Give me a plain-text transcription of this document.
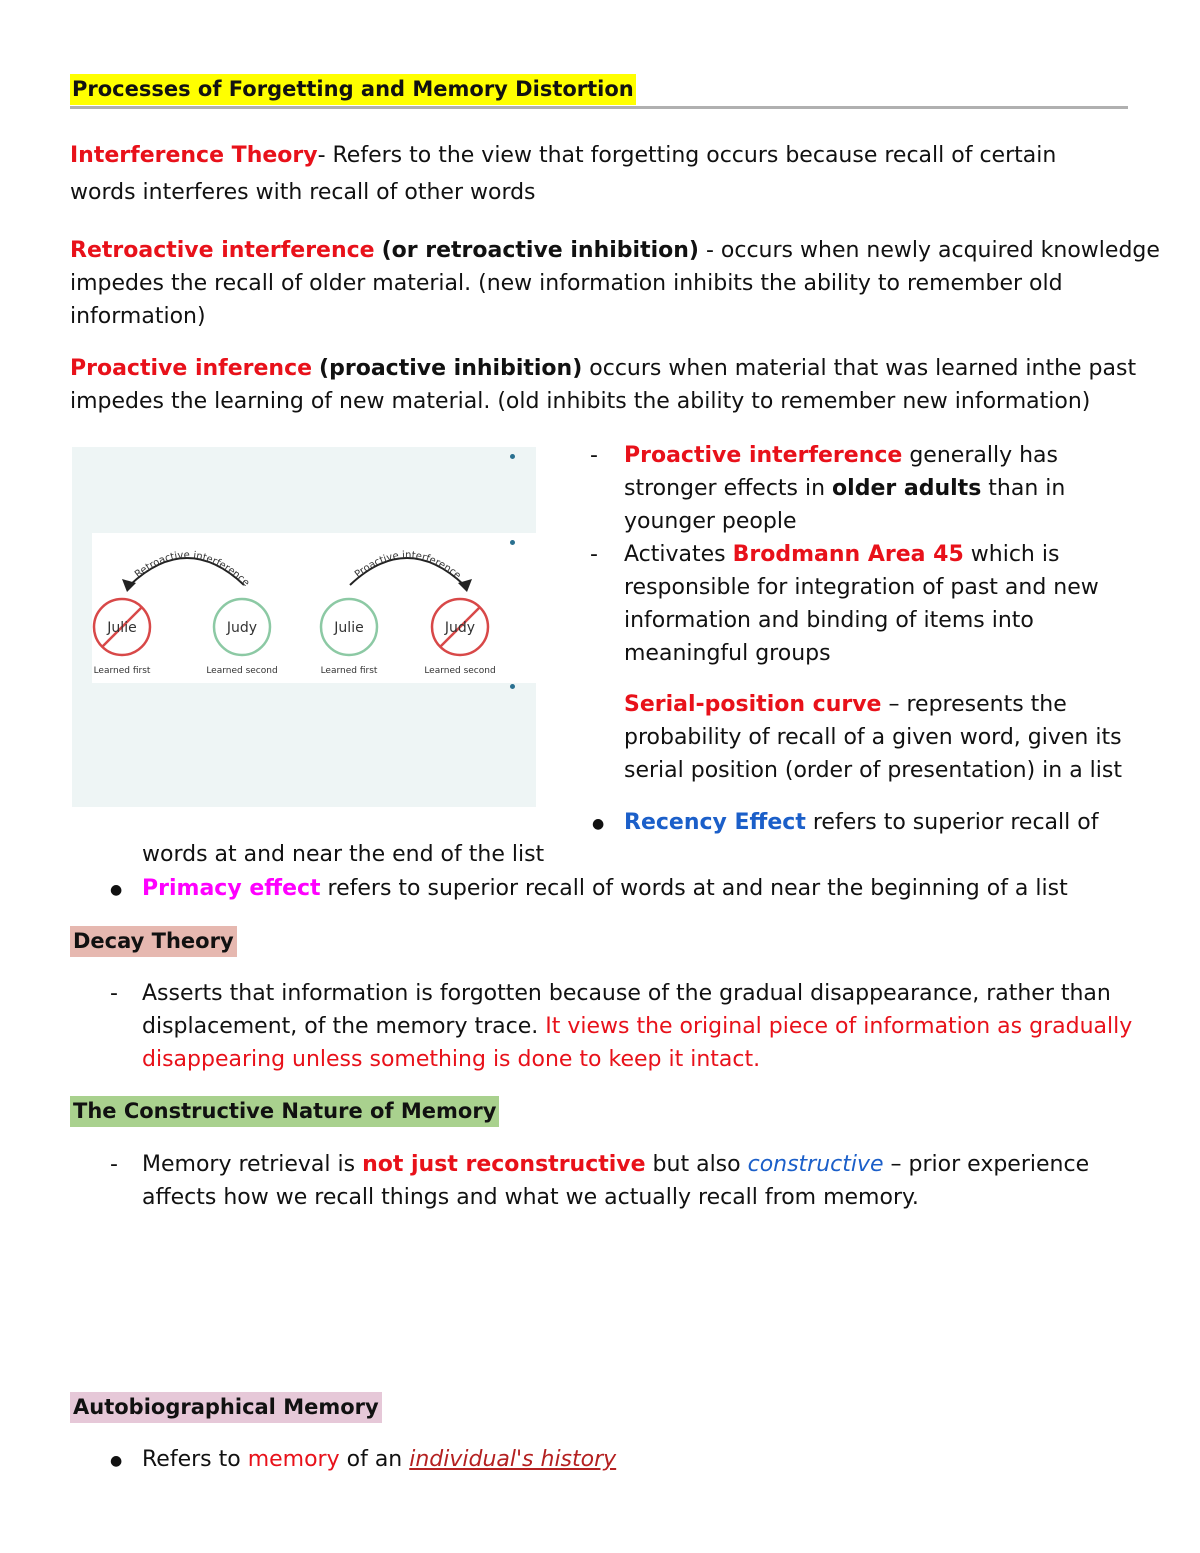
Processes of Forgetting and Memory Distortion
Interference Theory- Refers to the view that forgetting occurs because recall of certain
words interferes with recall of other words
Retroactive interference (or retroactive inhibition) - occurs when newly acquired knowledge
impedes the recall of older material. (new information inhibits the ability to remember old
information)
Proactive inference (proactive inhibition) occurs when material that was learned inthe past
impedes the learning of new material. (old inhibits the ability to remember new information)
Retroactive interference
Proactive interference
Julie	Judy	Julie	Judy
Learned first	Learned second	Learned first	Learned second
- Proactive interference generally has
stronger effects in older adults than in
younger people
- Activates Brodmann Area 45 which is
responsible for integration of past and new
information and binding of items into
meaningful groups
Serial-position curve – represents the
probability of recall of a given word, given its
serial position (order of presentation) in a list
● Recency Effect refers to superior recall of
words at and near the end of the list
● Primacy effect refers to superior recall of words at and near the beginning of a list
Decay Theory
- Asserts that information is forgotten because of the gradual disappearance, rather than
displacement, of the memory trace. It views the original piece of information as gradually
disappearing unless something is done to keep it intact.
The Constructive Nature of Memory
- Memory retrieval is not just reconstructive but also constructive – prior experience
affects how we recall things and what we actually recall from memory.
Autobiographical Memory
● Refers to memory of an individual's history
